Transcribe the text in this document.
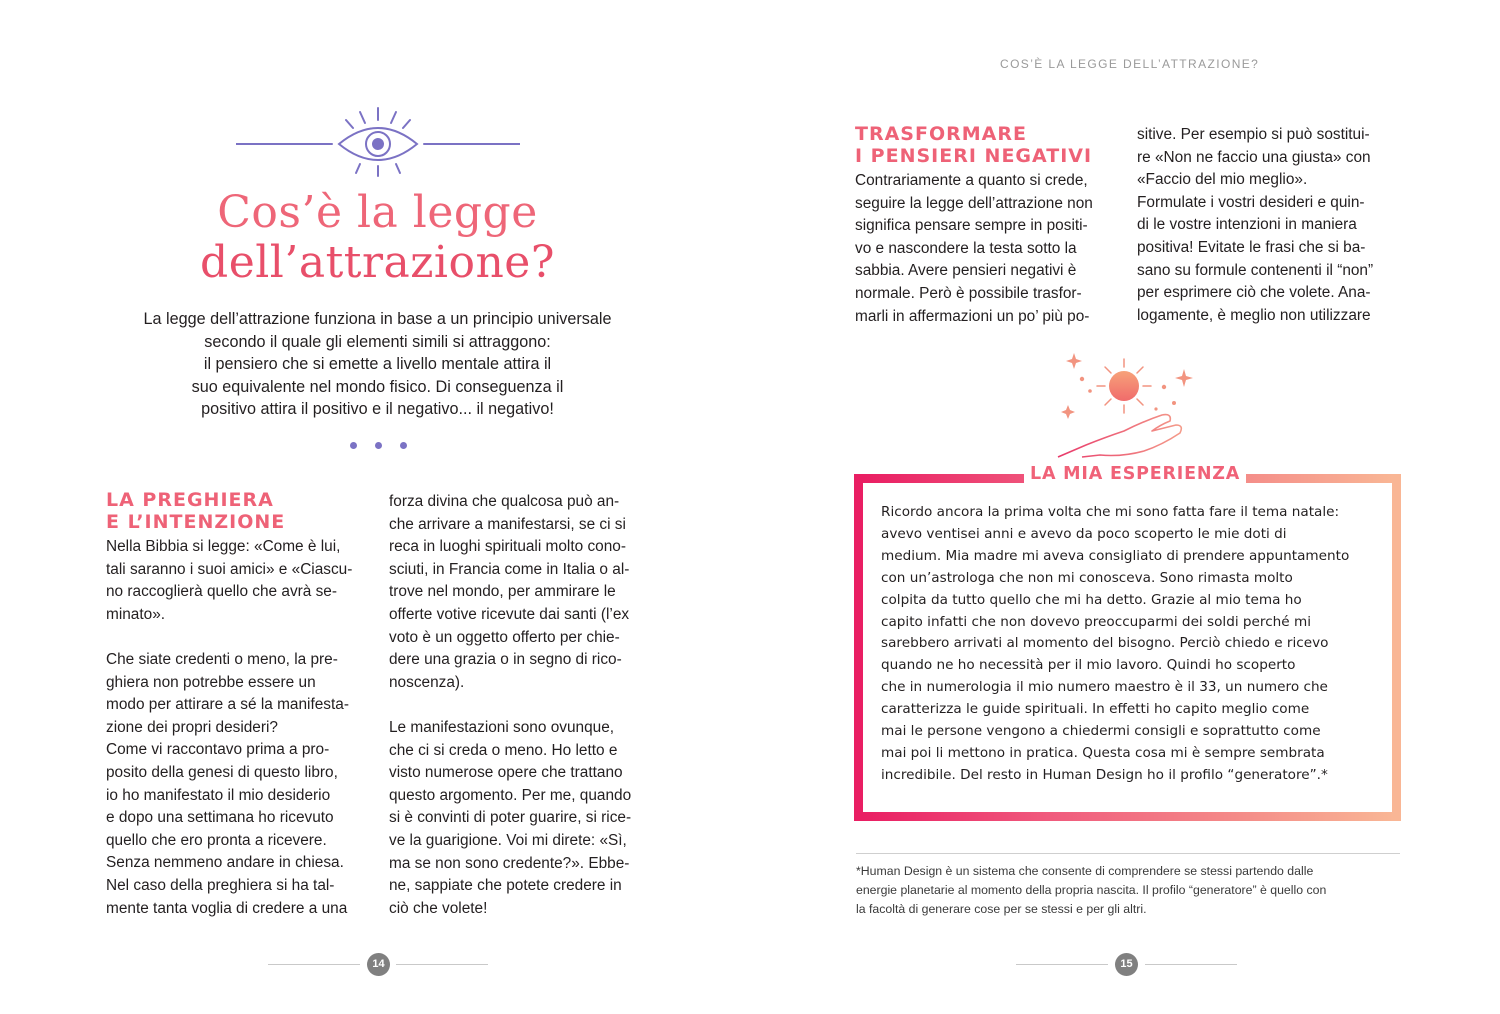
COS’È LA LEGGE DELL’ATTRAZIONE?
Cos’è la legge
dell’attrazione?

La legge dell’attrazione funziona in base a un principio universale
secondo il quale gli elementi simili si attraggono:
il pensiero che si emette a livello mentale attira il
suo equivalente nel mondo fisico. Di conseguenza il
positivo attira il positivo e il negativo... il negativo!

LA PREGHIERA
E L’INTENZIONE
Nella Bibbia si legge: «Come è lui,
tali saranno i suoi amici» e «Ciascu-
no raccoglierà quello che avrà se-
minato».
Che siate credenti o meno, la pre-
ghiera non potrebbe essere un
modo per attirare a sé la manifesta-
zione dei propri desideri?
Come vi raccontavo prima a pro-
posito della genesi di questo libro,
io ho manifestato il mio desiderio
e dopo una settimana ho ricevuto
quello che ero pronta a ricevere.
Senza nemmeno andare in chiesa.
Nel caso della preghiera si ha tal-
mente tanta voglia di credere a una
forza divina che qualcosa può an-
che arrivare a manifestarsi, se ci si
reca in luoghi spirituali molto cono-
sciuti, in Francia come in Italia o al-
trove nel mondo, per ammirare le
offerte votive ricevute dai santi (l’ex
voto è un oggetto offerto per chie-
dere una grazia o in segno di rico-
noscenza).
Le manifestazioni sono ovunque,
che ci si creda o meno. Ho letto e
visto numerose opere che trattano
questo argomento. Per me, quando
si è convinti di poter guarire, si rice-
ve la guarigione. Voi mi direte: «Sì,
ma se non sono credente?». Ebbe-
ne, sappiate che potete credere in
ciò che volete!
TRASFORMARE
I PENSIERI NEGATIVI
Contrariamente a quanto si crede,
seguire la legge dell’attrazione non
significa pensare sempre in positi-
vo e nascondere la testa sotto la
sabbia. Avere pensieri negativi è
normale. Però è possibile trasfor-
marli in affermazioni un po’ più po-
sitive. Per esempio si può sostitui-
re «Non ne faccio una giusta» con
«Faccio del mio meglio».
Formulate i vostri desideri e quin-
di le vostre intenzioni in maniera
positiva! Evitate le frasi che si ba-
sano su formule contenenti il “non”
per esprimere ciò che volete. Ana-
logamente, è meglio non utilizzare
LA MIA ESPERIENZA
Ricordo ancora la prima volta che mi sono fatta fare il tema natale:
avevo ventisei anni e avevo da poco scoperto le mie doti di
medium. Mia madre mi aveva consigliato di prendere appuntamento
con un’astrologa che non mi conosceva. Sono rimasta molto
colpita da tutto quello che mi ha detto. Grazie al mio tema ho
capito infatti che non dovevo preoccuparmi dei soldi perché mi
sarebbero arrivati al momento del bisogno. Perciò chiedo e ricevo
quando ne ho necessità per il mio lavoro. Quindi ho scoperto
che in numerologia il mio numero maestro è il 33, un numero che
caratterizza le guide spirituali. In effetti ho capito meglio come
mai le persone vengono a chiedermi consigli e soprattutto come
mai poi li mettono in pratica. Questa cosa mi è sempre sembrata
incredibile. Del resto in Human Design ho il profilo “generatore”.*
*Human Design è un sistema che consente di comprendere se stessi partendo dalle
energie planetarie al momento della propria nascita. Il profilo “generatore” è quello con
la facoltà di generare cose per se stessi e per gli altri.
14	15
